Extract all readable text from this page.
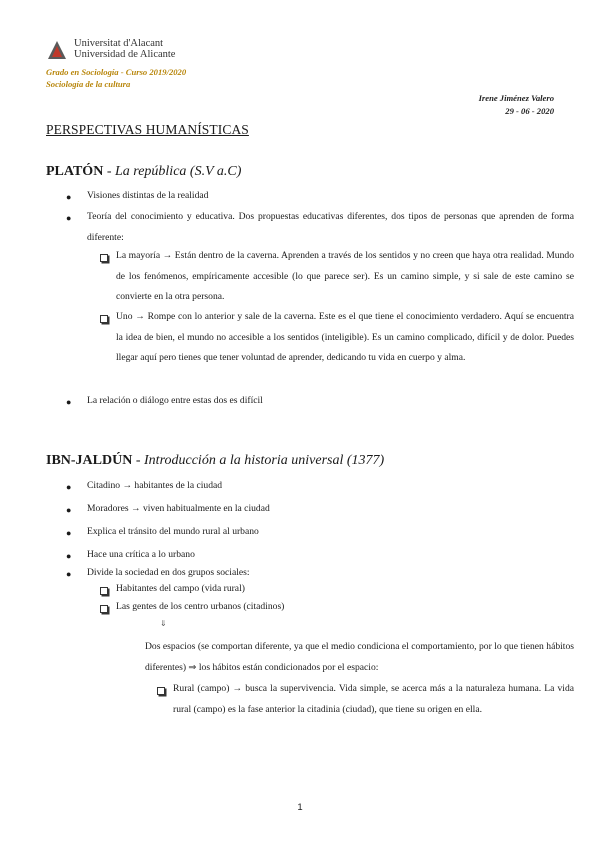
Universitat d'Alacant
Universidad de Alicante
Grado en Sociología - Curso 2019/2020
Sociología de la cultura
Irene Jiménez Valero
29 - 06 - 2020
PERSPECTIVAS HUMANÍSTICAS
PLATÓN - La república (S.V a.C)
● Visiones distintas de la realidad
● Teoría del conocimiento y educativa. Dos propuestas educativas diferentes, dos tipos de personas que aprenden de forma diferente:
La mayoría → Están dentro de la caverna. Aprenden a través de los sentidos y no creen que haya otra realidad. Mundo de los fenómenos, empíricamente accesible (lo que parece ser). Es un camino simple, y si sale de este camino se convierte en la otra persona.
Uno → Rompe con lo anterior y sale de la caverna. Este es el que tiene el conocimiento verdadero. Aquí se encuentra la idea de bien, el mundo no accesible a los sentidos (inteligible). Es un camino complicado, difícil y de dolor. Puedes llegar aquí pero tienes que tener voluntad de aprender, dedicando tu vida en cuerpo y alma.
● La relación o diálogo entre estas dos es difícil
IBN-JALDÚN - Introducción a la historia universal (1377)
● Citadino → habitantes de la ciudad
● Moradores → viven habitualmente en la ciudad
● Explica el tránsito del mundo rural al urbano
● Hace una crítica a lo urbano
● Divide la sociedad en dos grupos sociales:
Habitantes del campo (vida rural)
Las gentes de los centro urbanos (citadinos)
⇓
Dos espacios (se comportan diferente, ya que el medio condiciona el comportamiento, por lo que tienen hábitos diferentes) ⇒ los hábitos están condicionados por el espacio:
Rural (campo) → busca la supervivencia. Vida simple, se acerca más a la naturaleza humana. La vida rural (campo) es la fase anterior la citadinia (ciudad), que tiene su origen en ella.
1
